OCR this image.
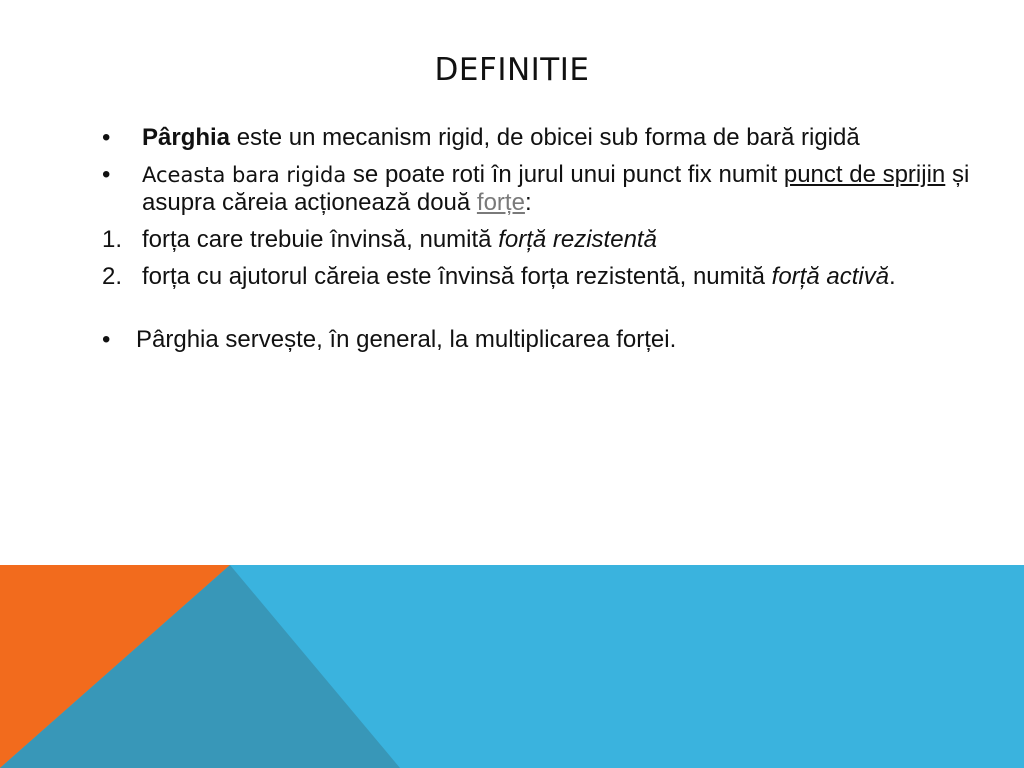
DEFINITIE
•	Pârghia este un mecanism rigid, de obicei sub forma de bară rigidă
•	Aceasta bara rigida se poate roti în jurul unui punct fix numit punct de sprijin și asupra căreia acționează două forțe:
1. forța care trebuie învinsă, numită forță rezistentă
2. forța cu ajutorul căreia este învinsă forța rezistentă, numită forță activă.
•	Pârghia servește, în general, la multiplicarea forței.
